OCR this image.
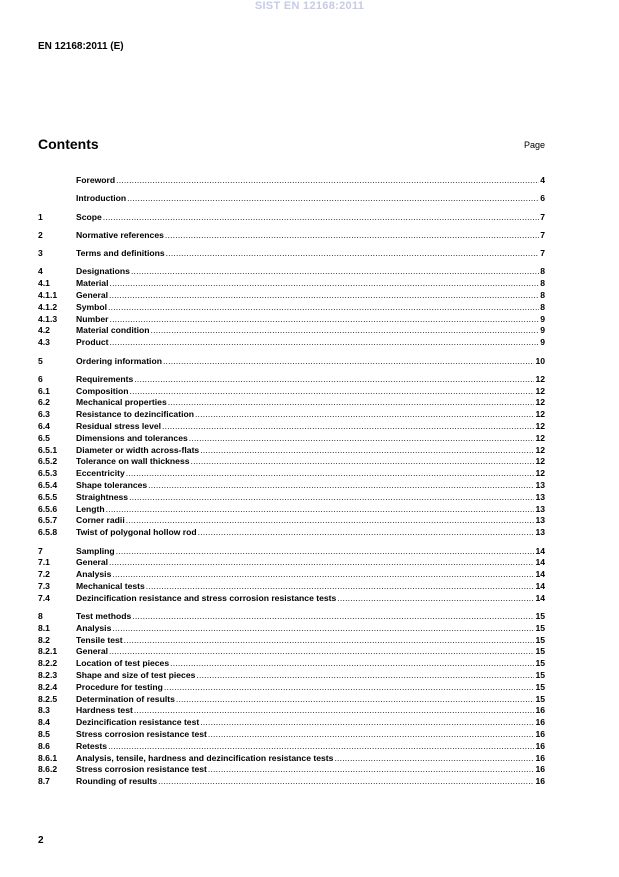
SIST EN 12168:2011
EN 12168:2011 (E)
Contents	Page
Foreword .....	4
Introduction .....	6
1	Scope .....	7
2	Normative references .....	7
3	Terms and definitions .....	7
4	Designations .....	8
4.1	Material .....	8
4.1.1	General .....	8
4.1.2	Symbol .....	8
4.1.3	Number .....	9
4.2	Material condition .....	9
4.3	Product .....	9
5	Ordering information .....	10
6	Requirements .....	12
6.1	Composition .....	12
6.2	Mechanical properties .....	12
6.3	Resistance to dezincification .....	12
6.4	Residual stress level .....	12
6.5	Dimensions and tolerances .....	12
6.5.1	Diameter or width across-flats .....	12
6.5.2	Tolerance on wall thickness .....	12
6.5.3	Eccentricity .....	12
6.5.4	Shape tolerances .....	13
6.5.5	Straightness .....	13
6.5.6	Length .....	13
6.5.7	Corner radii .....	13
6.5.8	Twist of polygonal hollow rod .....	13
7	Sampling .....	14
7.1	General .....	14
7.2	Analysis .....	14
7.3	Mechanical tests .....	14
7.4	Dezincification resistance and stress corrosion resistance tests .....	14
8	Test methods .....	15
8.1	Analysis .....	15
8.2	Tensile test .....	15
8.2.1	General .....	15
8.2.2	Location of test pieces .....	15
8.2.3	Shape and size of test pieces .....	15
8.2.4	Procedure for testing .....	15
8.2.5	Determination of results .....	15
8.3	Hardness test .....	16
8.4	Dezincification resistance test .....	16
8.5	Stress corrosion resistance test .....	16
8.6	Retests .....	16
8.6.1	Analysis, tensile, hardness and dezincification resistance tests .....	16
8.6.2	Stress corrosion resistance test .....	16
8.7	Rounding of results .....	16
2
